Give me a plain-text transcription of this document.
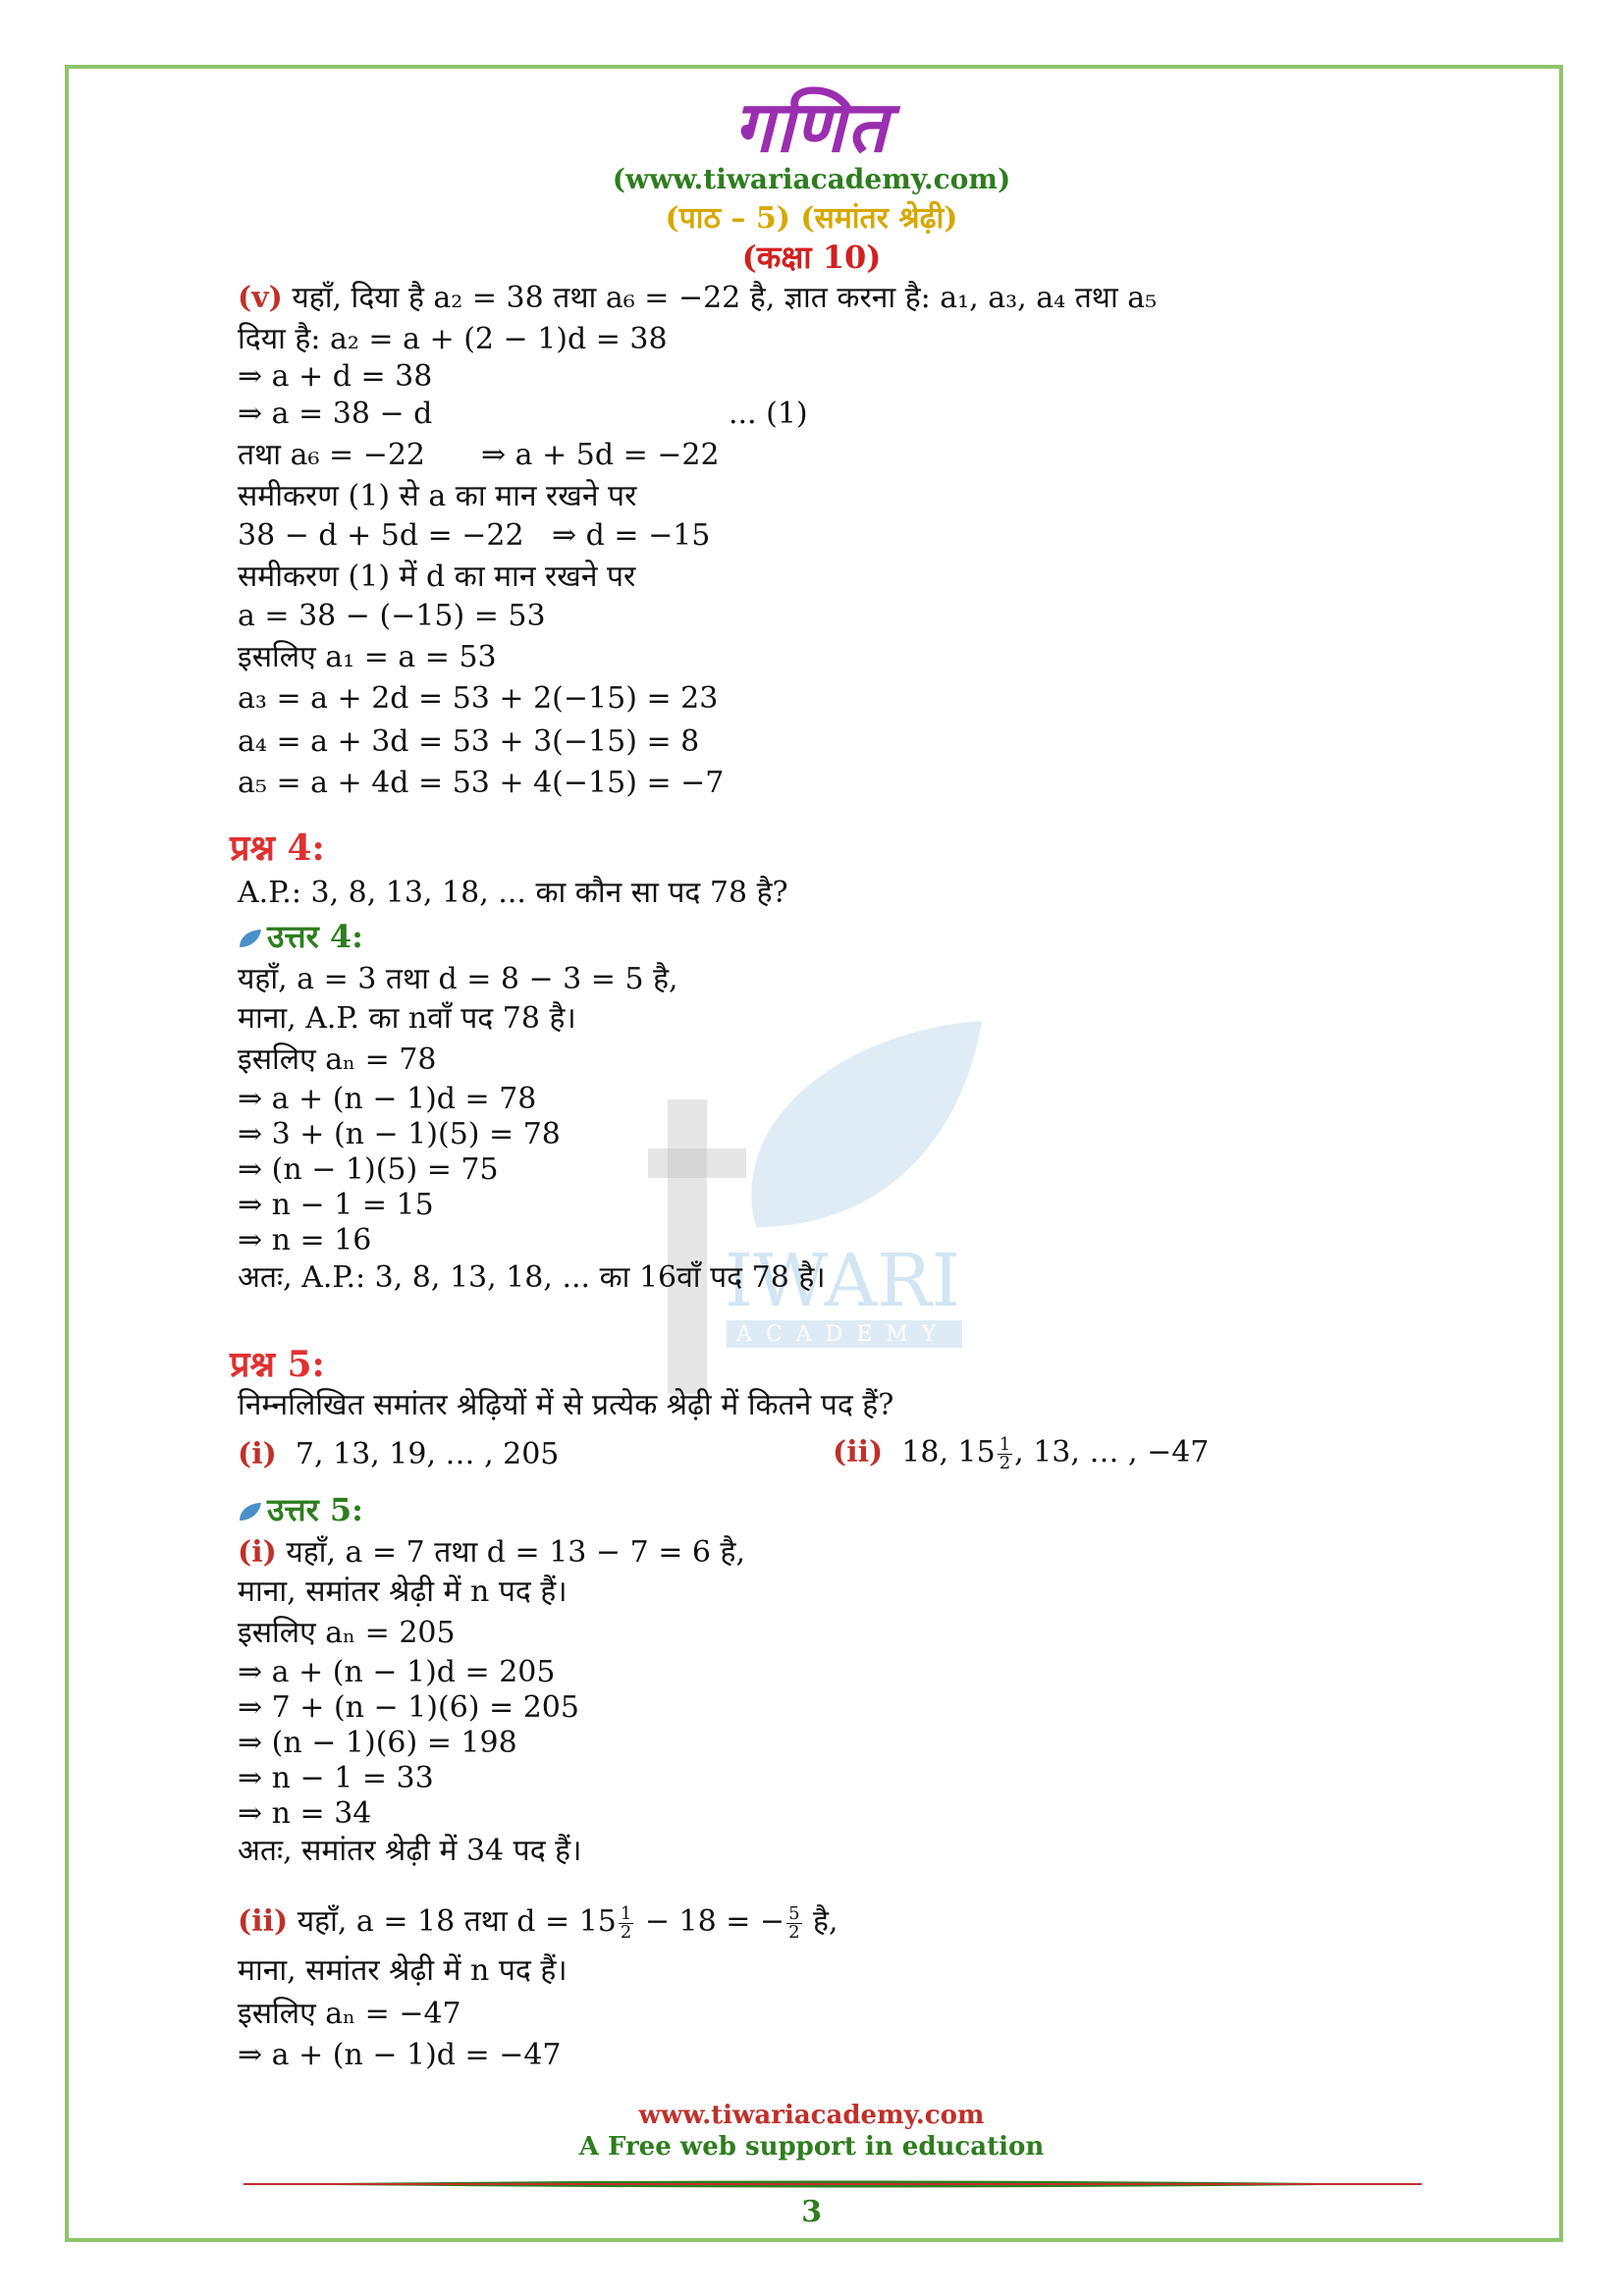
गणित
(www.tiwariacademy.com)
(पाठ – 5) (समांतर श्रेढ़ी)
(कक्षा 10)
IWARI
ACADEMY
(v) यहाँ, दिया है a₂ = 38 तथा a₆ = −22 है, ज्ञात करना है: a₁, a₃, a₄ तथा a₅
दिया है: a₂ = a + (2 − 1)d = 38
⇒ a + d = 38
⇒ a = 38 − d	... (1)
तथा a₆ = −22 ⇒ a + 5d = −22
समीकरण (1) से a का मान रखने पर
38 − d + 5d = −22 ⇒ d = −15
समीकरण (1) में d का मान रखने पर
a = 38 − (−15) = 53
इसलिए a₁ = a = 53
a₃ = a + 2d = 53 + 2(−15) = 23
a₄ = a + 3d = 53 + 3(−15) = 8
a₅ = a + 4d = 53 + 4(−15) = −7
प्रश्न 4:
A.P.: 3, 8, 13, 18, ... का कौन सा पद 78 है?
उत्तर 4:
यहाँ, a = 3 तथा d = 8 − 3 = 5 है,
माना, A.P. का nवाँ पद 78 है।
इसलिए aₙ = 78
⇒ a + (n − 1)d = 78
⇒ 3 + (n − 1)(5) = 78
⇒ (n − 1)(5) = 75
⇒ n − 1 = 15
⇒ n = 16
अतः, A.P.: 3, 8, 13, 18, ... का 16वाँ पद 78 है।
प्रश्न 5:
निम्नलिखित समांतर श्रेढ़ियों में से प्रत्येक श्रेढ़ी में कितने पद हैं?
(i) 7, 13, 19, … , 205	(ii) 18, $15 \frac{1}{2}$ , 13, … , −47
उत्तर 5:
(i) यहाँ, a = 7 तथा d = 13 − 7 = 6 है,
माना, समांतर श्रेढ़ी में n पद हैं।
इसलिए aₙ = 205
⇒ a + (n − 1)d = 205
⇒ 7 + (n − 1)(6) = 205
⇒ (n − 1)(6) = 198
⇒ n − 1 = 33
⇒ n = 34
अतः, समांतर श्रेढ़ी में 34 पद हैं।
(ii) यहाँ, a = 18 तथा $d = 15 \frac{1}{2} - 18$ = − $\frac{5}{2}$ है,
माना, समांतर श्रेढ़ी में n पद हैं।
इसलिए aₙ = −47
⇒ a + (n − 1)d = −47
www.tiwariacademy.com
A Free web support in education
3
